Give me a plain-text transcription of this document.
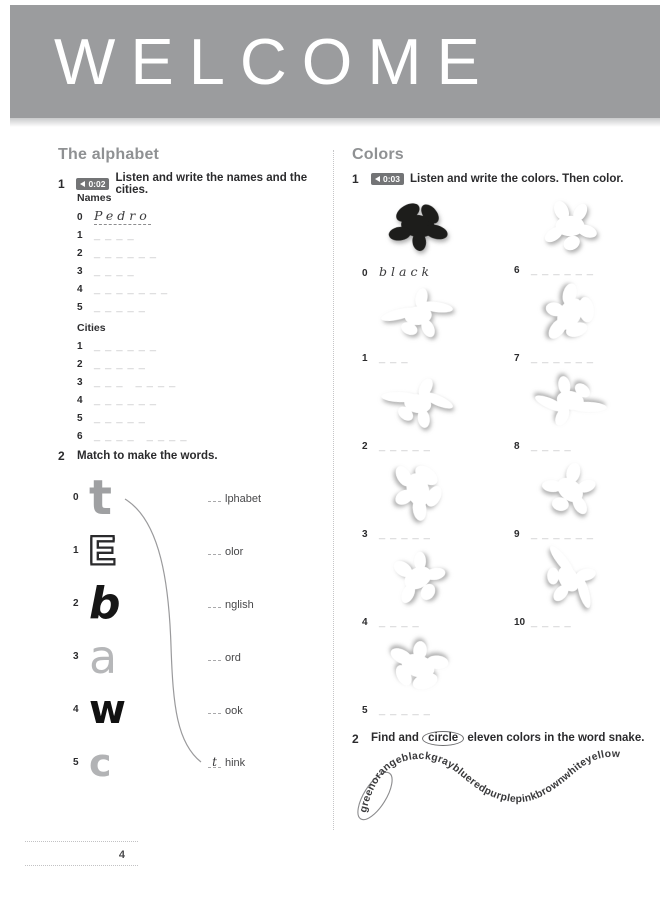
WELCOME
The alphabet
1	0:02 Listen and write the names and the cities.
Names
0 Pedro
1	_ _ _ _
2	_ _ _ _ _ _
3	_ _ _ _
4	_ _ _ _ _ _ _
5	_ _ _ _ _
Cities
1	_ _ _ _ _ _
2	_ _ _ _ _
3	_ _ _   _ _ _ _
4	_ _ _ _ _ _
5	_ _ _ _ _
6	_ _ _ _   _ _ _ _
2	Match to make the words.
0 t	lphabet
1 E	olor
2 b	nglish
3 a	ord
4 w	ook
5 c	t hink
Colors
1	0:03 Listen and write the colors. Then color.
0 black	6	_ _ _ _ _ _
1	_ _ _	7	_ _ _ _ _ _
2	_ _ _ _ _	8	_ _ _ _
3	_ _ _ _ _	9	_ _ _ _ _ _
4	_ _ _ _	10 _ _ _ _
5	_ _ _ _ _
2	Find and circle eleven colors in the word snake.
greenorangeblackgrayblueredpurplepinkbrownwhiteyellow
4
